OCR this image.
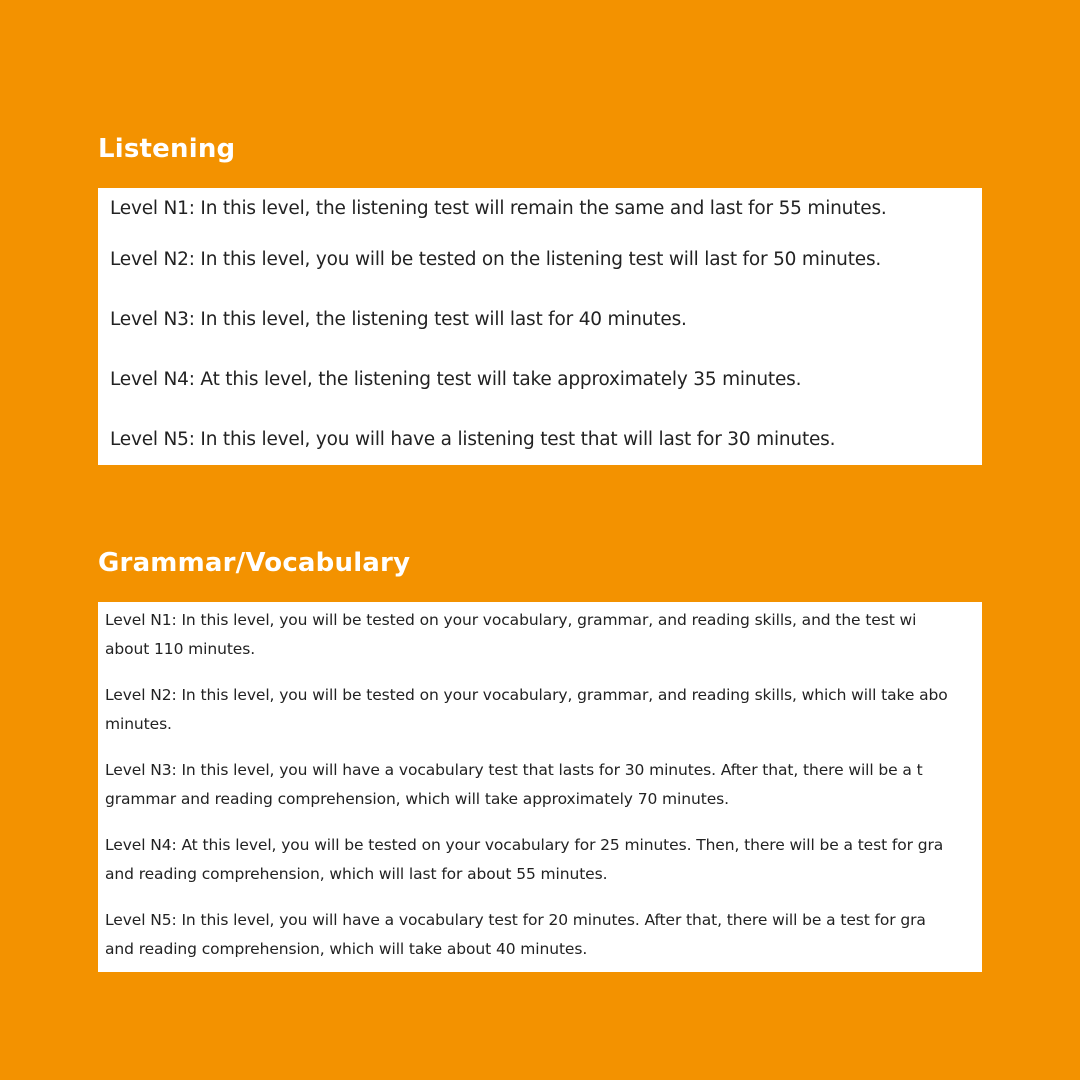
Listening

Level N1: In this level, the listening test will remain the same and last for 55 minutes.

Level N2: In this level, you will be tested on the listening test will last for 50 minutes.

Level N3: In this level, the listening test will last for 40 minutes.

Level N4: At this level, the listening test will take approximately 35 minutes.

Level N5: In this level, you will have a listening test that will last for 30 minutes.

Grammar/Vocabulary

Level N1: In this level, you will be tested on your vocabulary, grammar, and reading skills, and the test wi
about 110 minutes.

Level N2: In this level, you will be tested on your vocabulary, grammar, and reading skills, which will take abo
minutes.

Level N3: In this level, you will have a vocabulary test that lasts for 30 minutes. After that, there will be a t
grammar and reading comprehension, which will take approximately 70 minutes.

Level N4: At this level, you will be tested on your vocabulary for 25 minutes. Then, there will be a test for gra
and reading comprehension, which will last for about 55 minutes.

Level N5: In this level, you will have a vocabulary test for 20 minutes. After that, there will be a test for gra
and reading comprehension, which will take about 40 minutes.
